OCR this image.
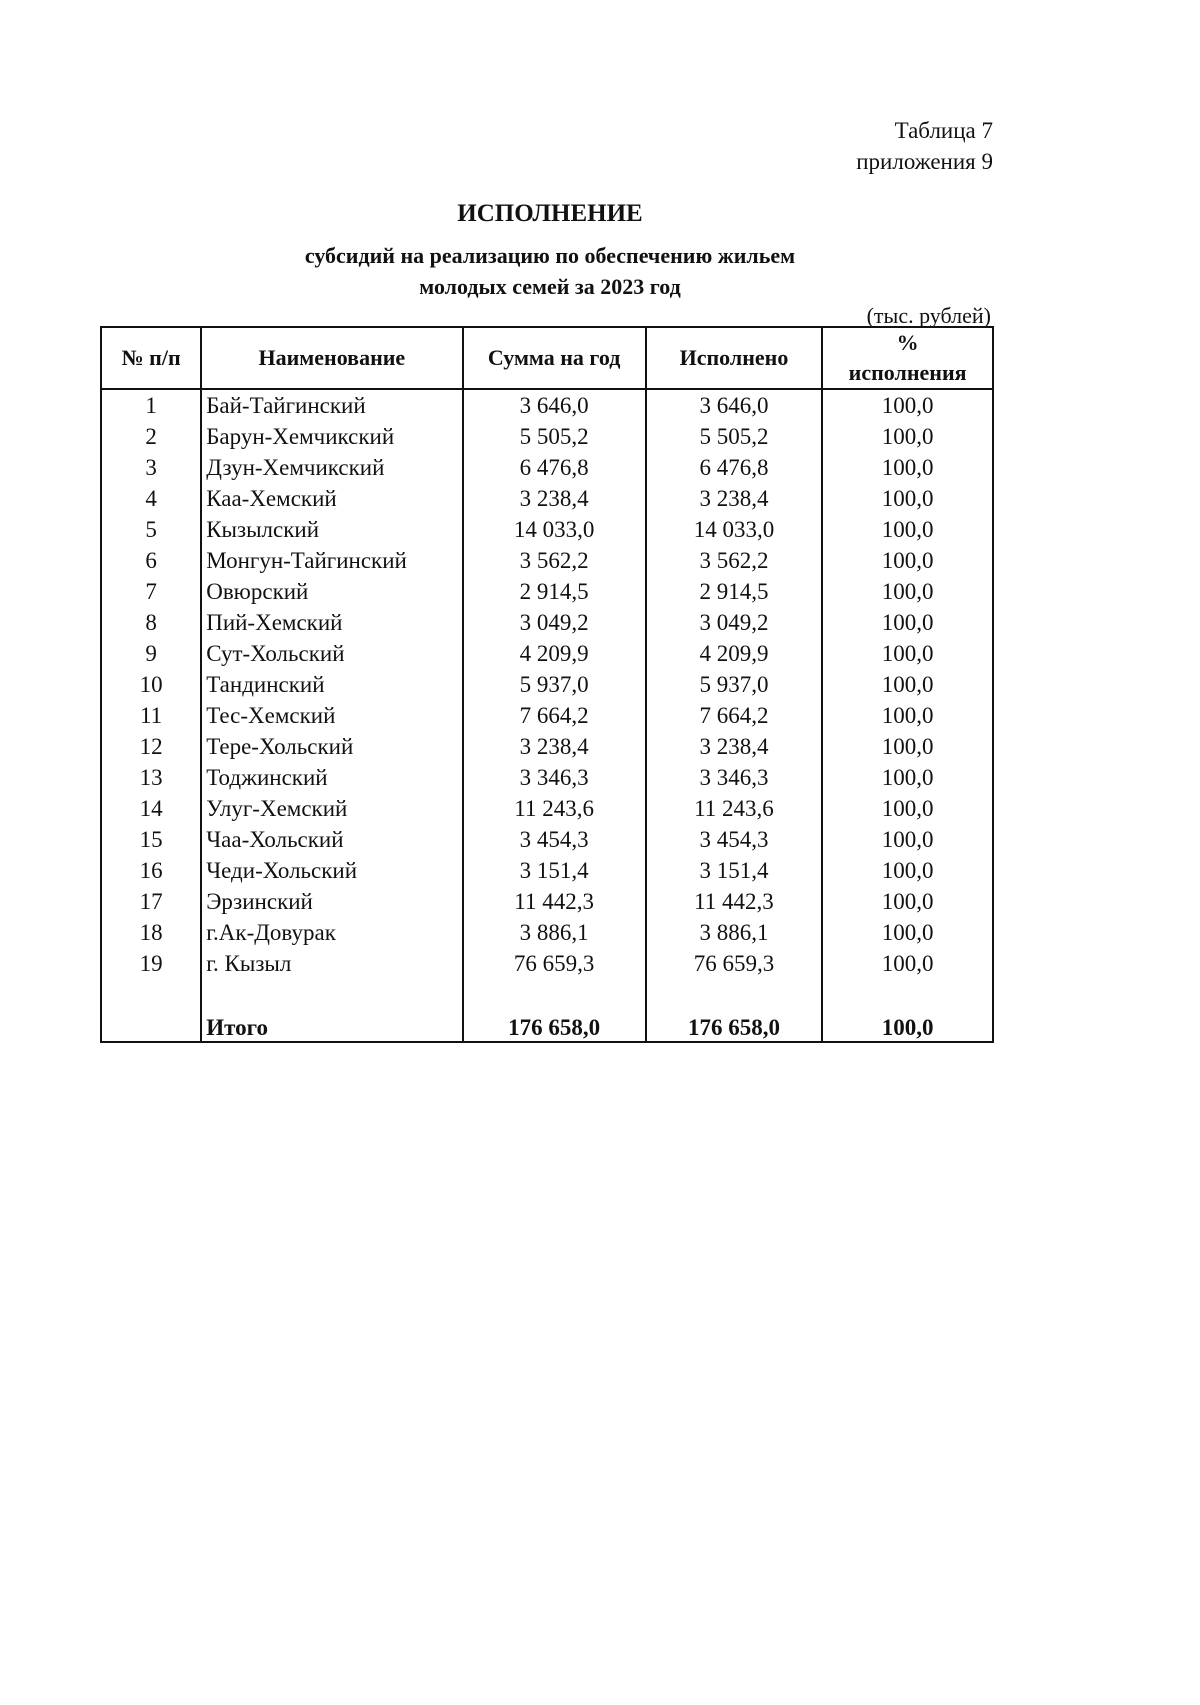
Таблица 7
приложения 9
ИСПОЛНЕНИЕ
субсидий на реализацию по обеспечению жильем
молодых семей за 2023 год
(тыс. рублей)
№ п/п	Наименование	Сумма на год	Исполнено	%
исполнения

1	Бай-Тайгинский	3 646,0	3 646,0	100,0
2	Барун-Хемчикский	5 505,2	5 505,2	100,0
3	Дзун-Хемчикский	6 476,8	6 476,8	100,0
4	Каа-Хемский	3 238,4	3 238,4	100,0
5	Кызылский	14 033,0	14 033,0	100,0
6	Монгун-Тайгинский	3 562,2	3 562,2	100,0
7	Овюрский	2 914,5	2 914,5	100,0
8	Пий-Хемский	3 049,2	3 049,2	100,0
9	Сут-Хольский	4 209,9	4 209,9	100,0
10	Тандинский	5 937,0	5 937,0	100,0
11	Тес-Хемский	7 664,2	7 664,2	100,0
12	Тере-Хольский	3 238,4	3 238,4	100,0
13	Тоджинский	3 346,3	3 346,3	100,0
14	Улуг-Хемский	11 243,6	11 243,6	100,0
15	Чаа-Хольский	3 454,3	3 454,3	100,0
16	Чеди-Хольский	3 151,4	3 151,4	100,0
17	Эрзинский	11 442,3	11 442,3	100,0
18	г.Ак-Довурак	3 886,1	3 886,1	100,0
19	г. Кызыл	76 659,3	76 659,3	100,0

	Итого	176 658,0	176 658,0	100,0
